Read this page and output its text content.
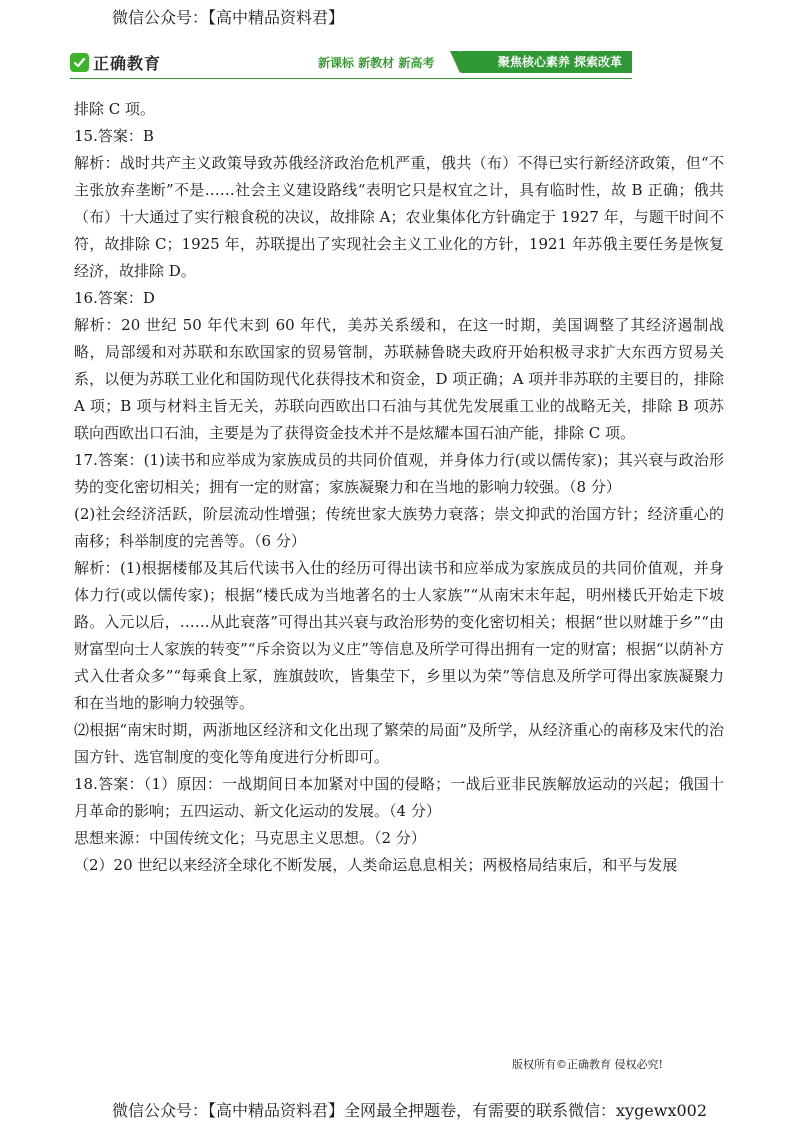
微信公众号：【高中精品资料君】
正确教育	新课标 新教材 新高考	聚焦核心素养 探索改革

排除 C 项。

15.答案：B

解析：战时共产主义政策导致苏俄经济政治危机严重，俄共（布）不得已实行新经济政策，但“不主张放弃垄断”不是……社会主义建设路线“表明它只是权宜之计，具有临时性，故 B 正确；俄共（布）十大通过了实行粮食税的决议，故排除 A；农业集体化方针确定于 1927 年，与题干时间不符，故排除 C；1925 年，苏联提出了实现社会主义工业化的方针，1921 年苏俄主要任务是恢复经济，故排除 D。

16.答案：D

解析：20 世纪 50 年代末到 60 年代，美苏关系缓和，在这一时期，美国调整了其经济遏制战略，局部缓和对苏联和东欧国家的贸易管制，苏联赫鲁晓夫政府开始积极寻求扩大东西方贸易关系，以便为苏联工业化和国防现代化获得技术和资金，D 项正确；A 项并非苏联的主要目的，排除 A 项；B 项与材料主旨无关，苏联向西欧出口石油与其优先发展重工业的战略无关，排除 B 项苏联向西欧出口石油，主要是为了获得资金技术并不是炫耀本国石油产能，排除 C 项。

17.答案：(1)读书和应举成为家族成员的共同价值观，并身体力行(或以儒传家)；其兴衰与政治形势的变化密切相关；拥有一定的财富；家族凝聚力和在当地的影响力较强。（8 分）

(2)社会经济活跃，阶层流动性增强；传统世家大族势力衰落；崇文抑武的治国方针；经济重心的南移；科举制度的完善等。（6 分）

解析：(1)根据楼郁及其后代读书入仕的经历可得出读书和应举成为家族成员的共同价值观，并身体力行(或以儒传家)；根据“楼氏成为当地著名的士人家族”“从南宋末年起，明州楼氏开始走下坡路。入元以后，……从此衰落”可得出其兴衰与政治形势的变化密切相关；根据“世以财雄于乡”“由财富型向士人家族的转变”“斥余资以为义庄”等信息及所学可得出拥有一定的财富；根据“以荫补方式入仕者众多”“每乘食上冢，旌旗鼓吹，皆集茔下，乡里以为荣”等信息及所学可得出家族凝聚力和在当地的影响力较强等。

⑵根据“南宋时期，两浙地区经济和文化出现了繁荣的局面”及所学，从经济重心的南移及宋代的治国方针、选官制度的变化等角度进行分析即可。

18.答案：（1）原因：一战期间日本加紧对中国的侵略；一战后亚非民族解放运动的兴起；俄国十月革命的影响；五四运动、新文化运动的发展。（4 分）

思想来源：中国传统文化；马克思主义思想。（2 分）

（2）20 世纪以来经济全球化不断发展，人类命运息息相关；两极格局结束后，和平与发展

版权所有©正确教育 侵权必究!
微信公众号：【高中精品资料君】全网最全押题卷，有需要的联系微信：xygewx002
